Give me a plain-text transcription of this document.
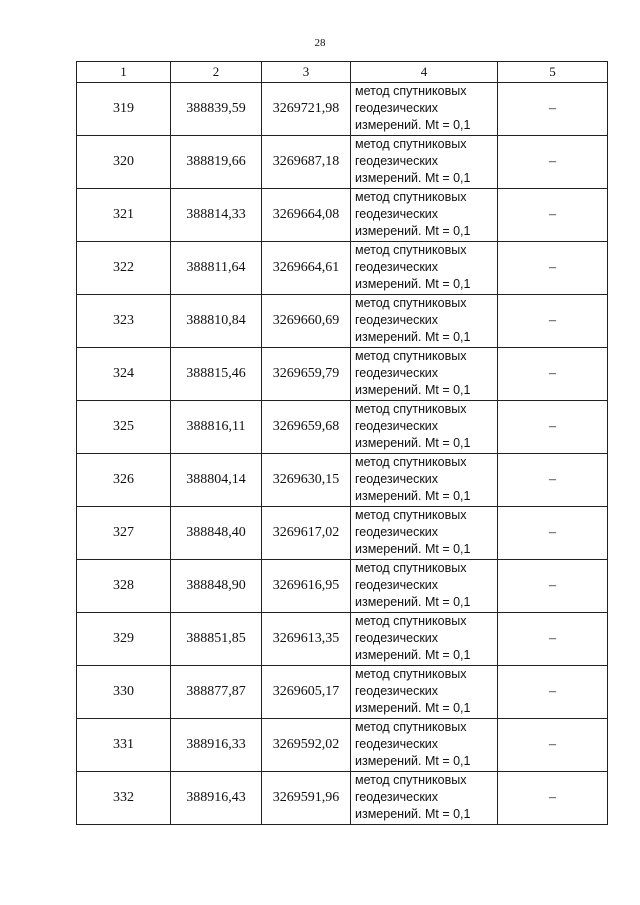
28
1	2	3	4	5
319	388839,59	3269721,98	метод спутниковых
геодезических
измерений. Mt = 0,1	–
320	388819,66	3269687,18	метод спутниковых
геодезических
измерений. Mt = 0,1	–
321	388814,33	3269664,08	метод спутниковых
геодезических
измерений. Mt = 0,1	–
322	388811,64	3269664,61	метод спутниковых
геодезических
измерений. Mt = 0,1	–
323	388810,84	3269660,69	метод спутниковых
геодезических
измерений. Mt = 0,1	–
324	388815,46	3269659,79	метод спутниковых
геодезических
измерений. Mt = 0,1	–
325	388816,11	3269659,68	метод спутниковых
геодезических
измерений. Mt = 0,1	–
326	388804,14	3269630,15	метод спутниковых
геодезических
измерений. Mt = 0,1	–
327	388848,40	3269617,02	метод спутниковых
геодезических
измерений. Mt = 0,1	–
328	388848,90	3269616,95	метод спутниковых
геодезических
измерений. Mt = 0,1	–
329	388851,85	3269613,35	метод спутниковых
геодезических
измерений. Mt = 0,1	–
330	388877,87	3269605,17	метод спутниковых
геодезических
измерений. Mt = 0,1	–
331	388916,33	3269592,02	метод спутниковых
геодезических
измерений. Mt = 0,1	–
332	388916,43	3269591,96	метод спутниковых
геодезических
измерений. Mt = 0,1	–
